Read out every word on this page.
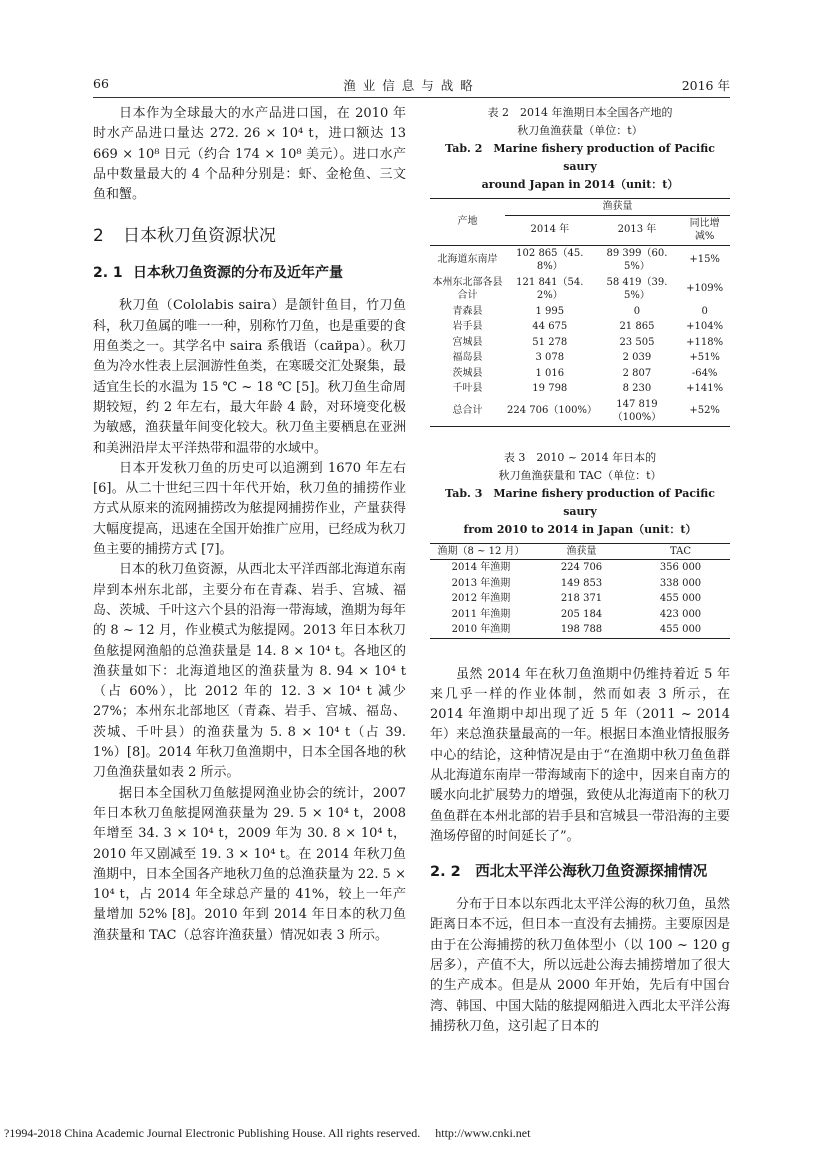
66	渔业信息与战略	2016 年

日本作为全球最大的水产品进口国，在 2010 年时水产品进口量达 272. 26 × 10⁴ t，进口额达 13 669 × 10⁸ 日元（约合 174 × 10⁸ 美元）。进口水产品中数量最大的 4 个品种分别是：虾、金枪鱼、三文鱼和蟹。

2 日本秋刀鱼资源状况
2. 1 日本秋刀鱼资源的分布及近年产量

秋刀鱼（Cololabis saira）是颌针鱼目，竹刀鱼科，秋刀鱼属的唯一一种，别称竹刀鱼，也是重要的食用鱼类之一。其学名中 saira 系俄语（сайра）。秋刀鱼为冷水性表上层洄游性鱼类，在寒暖交汇处聚集，最适宜生长的水温为 15 ℃ ~ 18 ℃ [5]。秋刀鱼生命周期较短，约 2 年左右，最大年龄 4 龄，对环境变化极为敏感，渔获量年间变化较大。秋刀鱼主要栖息在亚洲和美洲沿岸太平洋热带和温带的水域中。

日本开发秋刀鱼的历史可以追溯到 1670 年左右 [6]。从二十世纪三四十年代开始，秋刀鱼的捕捞作业方式从原来的流网捕捞改为舷提网捕捞作业，产量获得大幅度提高，迅速在全国开始推广应用，已经成为秋刀鱼主要的捕捞方式 [7]。

日本的秋刀鱼资源，从西北太平洋西部北海道东南岸到本州东北部，主要分布在青森、岩手、宫城、福岛、茨城、千叶这六个县的沿海一带海域，渔期为每年的 8 ~ 12 月，作业模式为舷提网。2013 年日本秋刀鱼舷提网渔船的总渔获量是 14. 8 × 10⁴ t。各地区的渔获量如下：北海道地区的渔获量为 8. 94 × 10⁴ t（占 60%），比 2012 年的 12. 3 × 10⁴ t 减少 27%；本州东北部地区（青森、岩手、宫城、福岛、茨城、千叶县）的渔获量为 5. 8 × 10⁴ t（占 39. 1%）[8]。2014 年秋刀鱼渔期中，日本全国各地的秋刀鱼渔获量如表 2 所示。

据日本全国秋刀鱼舷提网渔业协会的统计，2007 年日本秋刀鱼舷提网渔获量为 29. 5 × 10⁴ t，2008 年增至 34. 3 × 10⁴ t，2009 年为 30. 8 × 10⁴ t，2010 年又剧减至 19. 3 × 10⁴ t。在 2014 年秋刀鱼渔期中，日本全国各产地秋刀鱼的总渔获量为 22. 5 × 10⁴ t，占 2014 年全球总产量的 41%，较上一年产量增加 52% [8]。2010 年到 2014 年日本的秋刀鱼渔获量和 TAC（总容许渔获量）情况如表 3 所示。

表 2　2014 年渔期日本全国各产地的
秋刀鱼渔获量（单位：t）
Tab. 2　Marine fishery production of Pacific saury
around Japan in 2014（unit：t）
产地	渔获量		
	2014 年	2013 年	同比增减%
北海道东南岸	102 865（45. 8%）	89 399（60. 5%）	+15%
本州东北部各县合计	121 841（54. 2%）	58 419（39. 5%）	+109%
青森县	1 995	0	0
岩手县	44 675	21 865	+104%
宫城县	51 278	23 505	+118%
福岛县	3 078	2 039	+51%
茨城县	1 016	2 807	-64%
千叶县	19 798	8 230	+141%
总合计	224 706（100%）	147 819（100%）	+52%
表 3　2010 ~ 2014 年日本的
秋刀鱼渔获量和 TAC（单位：t）
Tab. 3　Marine fishery production of Pacific saury
from 2010 to 2014 in Japan（unit：t）
渔期（8 ~ 12 月）	渔获量	TAC
2014 年渔期	224 706	356 000
2013 年渔期	149 853	338 000
2012 年渔期	218 371	455 000
2011 年渔期	205 184	423 000
2010 年渔期	198 788	455 000

虽然 2014 年在秋刀鱼渔期中仍维持着近 5 年来几乎一样的作业体制，然而如表 3 所示，在 2014 年渔期中却出现了近 5 年（2011 ~ 2014 年）来总渔获量最高的一年。根据日本渔业情报服务中心的结论，这种情况是由于“在渔期中秋刀鱼鱼群从北海道东南岸一带海域南下的途中，因来自南方的暖水向北扩展势力的增强，致使从北海道南下的秋刀鱼鱼群在本州北部的岩手县和宫城县一带沿海的主要渔场停留的时间延长了”。

2. 2　西北太平洋公海秋刀鱼资源探捕情况

分布于日本以东西北太平洋公海的秋刀鱼，虽然距离日本不远，但日本一直没有去捕捞。主要原因是由于在公海捕捞的秋刀鱼体型小（以 100 ~ 120 g 居多），产值不大，所以远赴公海去捕捞增加了很大的生产成本。但是从 2000 年开始，先后有中国台湾、韩国、中国大陆的舷提网船进入西北太平洋公海捕捞秋刀鱼，这引起了日本的

?1994-2018 China Academic Journal Electronic Publishing House. All rights reserved.　 http://www.cnki.net
